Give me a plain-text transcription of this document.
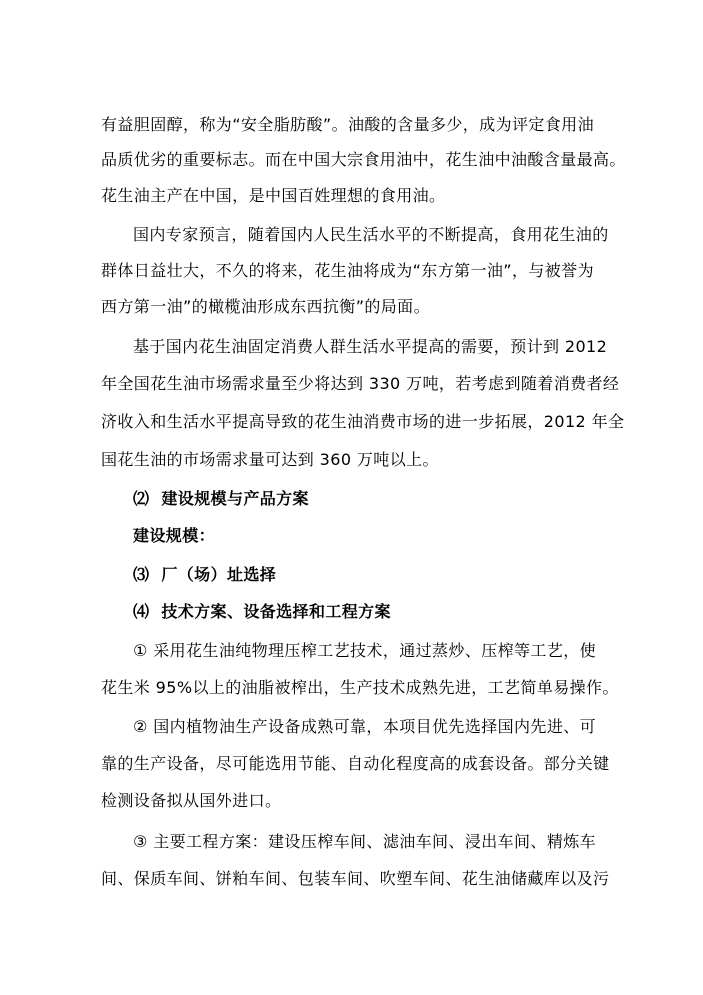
有益胆固醇，称为“安全脂肪酸”。油酸的含量多少，成为评定食用油
品质优劣的重要标志。而在中国大宗食用油中，花生油中油酸含量最高。
花生油主产在中国，是中国百姓理想的食用油。
国内专家预言，随着国内人民生活水平的不断提高，食用花生油的
群体日益壮大，不久的将来，花生油将成为“东方第一油”，与被誉为
西方第一油”的橄榄油形成东西抗衡”的局面。
基于国内花生油固定消费人群生活水平提高的需要，预计到 2012
年全国花生油市场需求量至少将达到 330 万吨，若考虑到随着消费者经
济收入和生活水平提高导致的花生油消费市场的进一步拓展，2012 年全
国花生油的市场需求量可达到 360 万吨以上。
⑵  建设规模与产品方案
建设规模：
⑶  厂（场）址选择
⑷  技术方案、设备选择和工程方案
① 采用花生油纯物理压榨工艺技术，通过蒸炒、压榨等工艺，使
花生米 95%以上的油脂被榨出，生产技术成熟先进，工艺简单易操作。
② 国内植物油生产设备成熟可靠，本项目优先选择国内先进、可
靠的生产设备，尽可能选用节能、自动化程度高的成套设备。部分关键
检测设备拟从国外进口。
③ 主要工程方案：建设压榨车间、滤油车间、浸出车间、精炼车
间、保质车间、饼粕车间、包装车间、吹塑车间、花生油储藏库以及污
